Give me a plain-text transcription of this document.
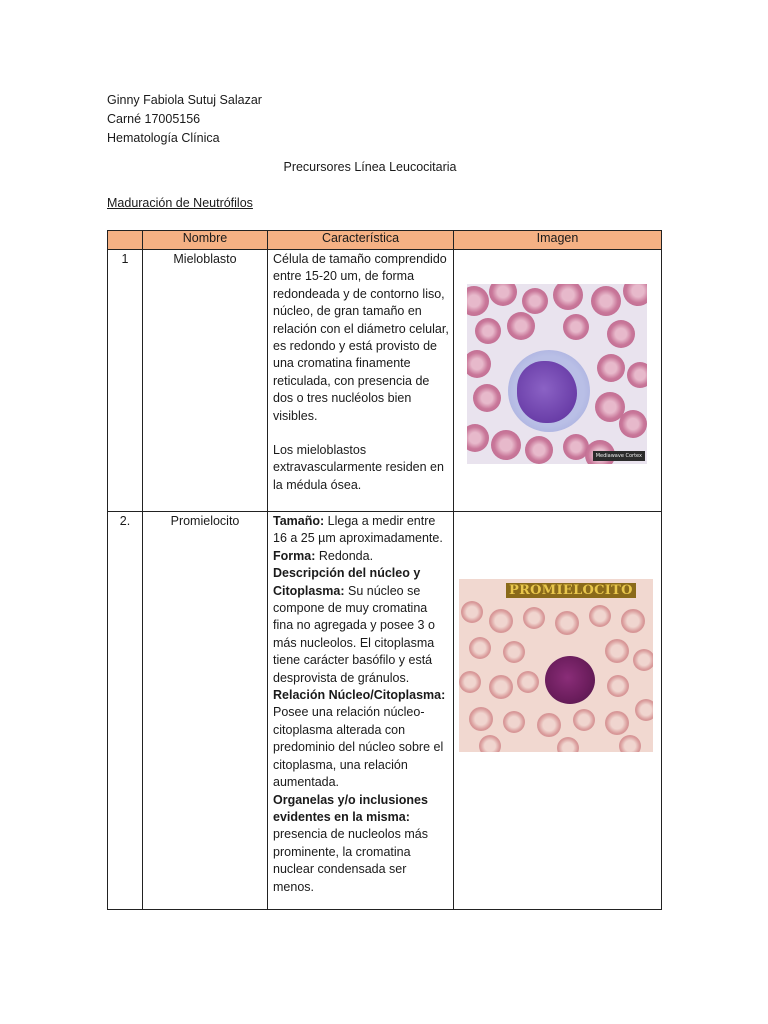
Ginny Fabiola Sutuj Salazar
Carné 17005156
Hematología Clínica
Precursores Línea Leucocitaria
Maduración de Neutrófilos
	Nombre	Característica	Imagen
1	Mieloblasto	Célula de tamaño comprendido entre 15-20 um, de forma redondeada y de contorno liso, núcleo, de gran tamaño en relación con el diámetro celular, es redondo y está provisto de una cromatina finamente reticulada, con presencia de dos o tres nucléolos bien visibles.
Los mieloblastos extravascularmente residen en la médula ósea.	Mediawave Cortex

2.	Promielocito	Tamaño: Llega a medir entre 16 a 25 µm aproximadamente.
Forma: Redonda.
Descripción del núcleo y Citoplasma: Su núcleo se compone de muy cromatina fina no agregada y posee 3 o más nucleolos. El citoplasma tiene carácter basófilo y está desprovista de gránulos.
Relación Núcleo/Citoplasma: Posee una relación núcleo-citoplasma alterada con predominio del núcleo sobre el citoplasma, una relación aumentada.
Organelas y/o inclusiones evidentes en la misma: presencia de nucleolos más prominente, la cromatina nuclear condensada ser menos.	PROMIELOCITO
